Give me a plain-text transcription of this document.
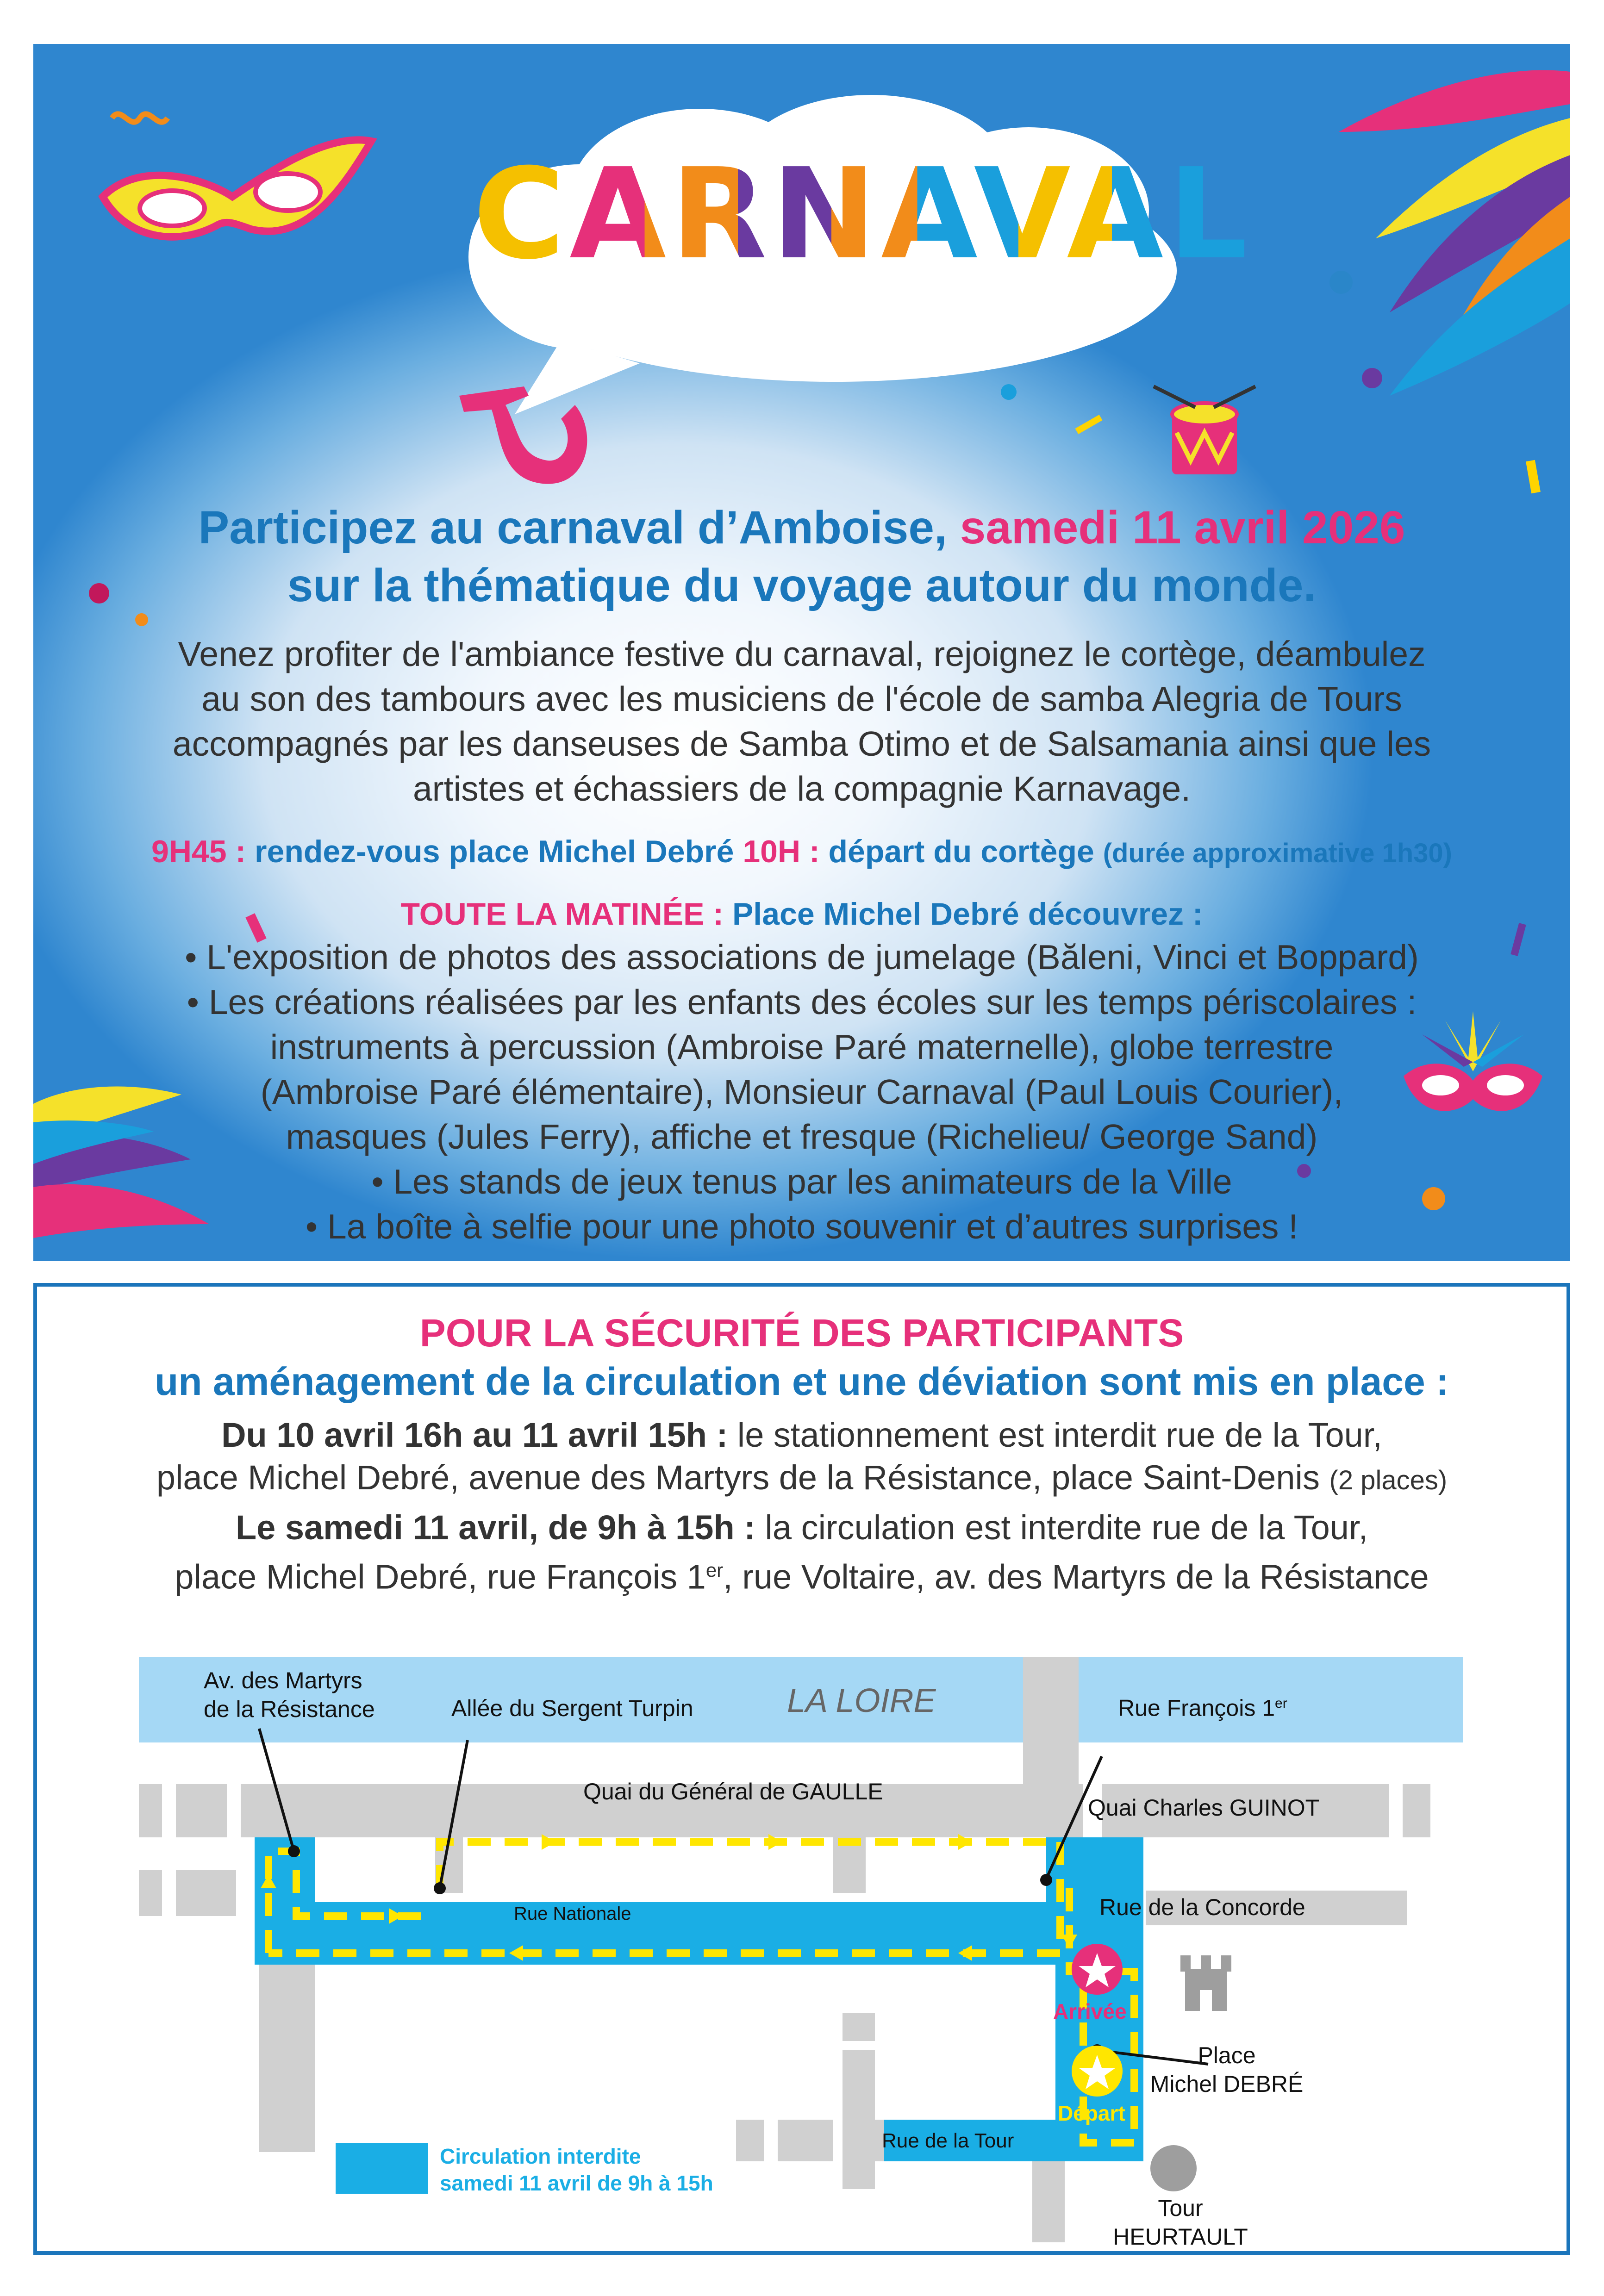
CARNAVAL
Participez au carnaval d’Amboise, samedi 11 avril 2026
sur la thématique du voyage autour du monde.
Venez profiter de l'ambiance festive du carnaval, rejoignez le cortège, déambulez
au son des tambours avec les musiciens de l'école de samba Alegria de Tours
accompagnés par les danseuses de Samba Otimo et de Salsamania ainsi que les
artistes et échassiers de la compagnie Karnavage.
9H45 : rendez-vous place Michel Debré 10H : départ du cortège (durée approximative 1h30)
TOUTE LA MATINÉE : Place Michel Debré découvrez :
• L'exposition de photos des associations de jumelage (Băleni, Vinci et Boppard)
• Les créations réalisées par les enfants des écoles sur les temps périscolaires :
instruments à percussion (Ambroise Paré maternelle), globe terrestre
(Ambroise Paré élémentaire), Monsieur Carnaval (Paul Louis Courier),
masques (Jules Ferry), affiche et fresque (Richelieu/ George Sand)
• Les stands de jeux tenus par les animateurs de la Ville
• La boîte à selfie pour une photo souvenir et d’autres surprises !
POUR LA SÉCURITÉ DES PARTICIPANTS
un aménagement de la circulation et une déviation sont mis en place :
Du 10 avril 16h au 11 avril 15h : le stationnement est interdit rue de la Tour,
place Michel Debré, avenue des Martyrs de la Résistance, place Saint-Denis (2 places)
Le samedi 11 avril, de 9h à 15h : la circulation est interdite rue de la Tour,
place Michel Debré, rue François 1er, rue Voltaire, av. des Martyrs de la Résistance
Av. des Martyrs
de la Résistance	Allée du Sergent Turpin	LA LOIRE	Rue François 1er
Quai du Général de GAULLE
Quai Charles GUINOT
Rue Nationale	Rue de la Concorde
Arrivée
Place
Michel DEBRÉ
Départ
Rue de la Tour
Tour
HEURTAULT
Circulation interdite
samedi 11 avril de 9h à 15h
